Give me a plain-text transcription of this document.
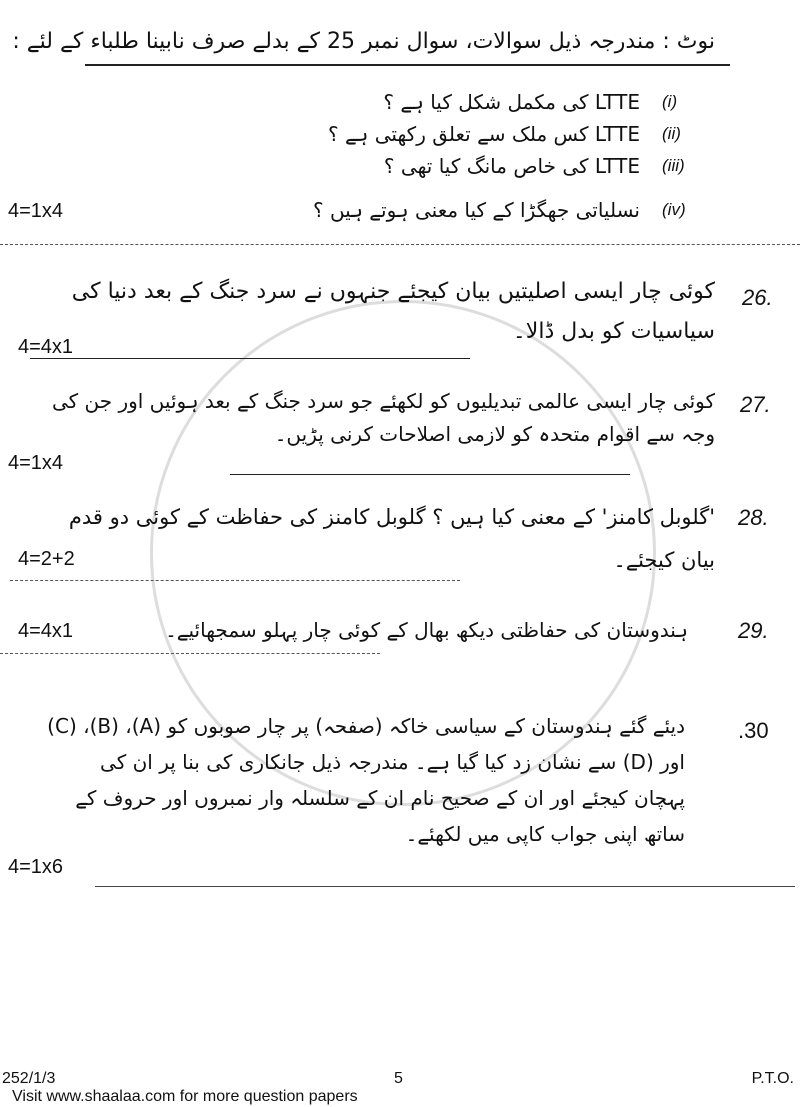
نوٹ : مندرجہ ذیل سوالات، سوال نمبر 25 کے بدلے صرف نابینا طلباء کے لئے :
(i)
LTTE کی مکمل شکل کیا ہے ؟
(ii)
LTTE کس ملک سے تعلق رکھتی ہے ؟
(iii)
LTTE کی خاص مانگ کیا تھی ؟
(iv)
نسلیاتی جھگڑا کے کیا معنی ہوتے ہیں ؟
4=1x4
26.
کوئی چار ایسی اصلیتیں بیان کیجئے جنہوں نے سرد جنگ کے بعد دنیا کی
سیاسیات کو بدل ڈالا۔
4=4x1
27.
کوئی چار ایسی عالمی تبدیلیوں کو لکھئے جو سرد جنگ کے بعد ہوئیں اور جن کی
وجہ سے اقوام متحدہ کو لازمی اصلاحات کرنی پڑیں۔
4=1x4
28.
'گلوبل کامنز' کے معنی کیا ہیں ؟ گلوبل کامنز کی حفاظت کے کوئی دو قدم
بیان کیجئے۔
4=2+2
29.
ہندوستان کی حفاظتی دیکھ بھال کے کوئی چار پہلو سمجھائیے۔
4=4x1
.30
دیئے گئے ہندوستان کے سیاسی خاکہ (صفحہ) پر چار صوبوں کو (A)، (B)، (C)
اور (D) سے نشان زد کیا گیا ہے۔ مندرجہ ذیل جانکاری کی بنا پر ان کی
پہچان کیجئے اور ان کے صحیح نام ان کے سلسلہ وار نمبروں اور حروف کے
ساتھ اپنی جواب کاپی میں لکھئے۔
4=1x6
252/1/3	5	P.T.O.
Visit www.shaalaa.com for more question papers
